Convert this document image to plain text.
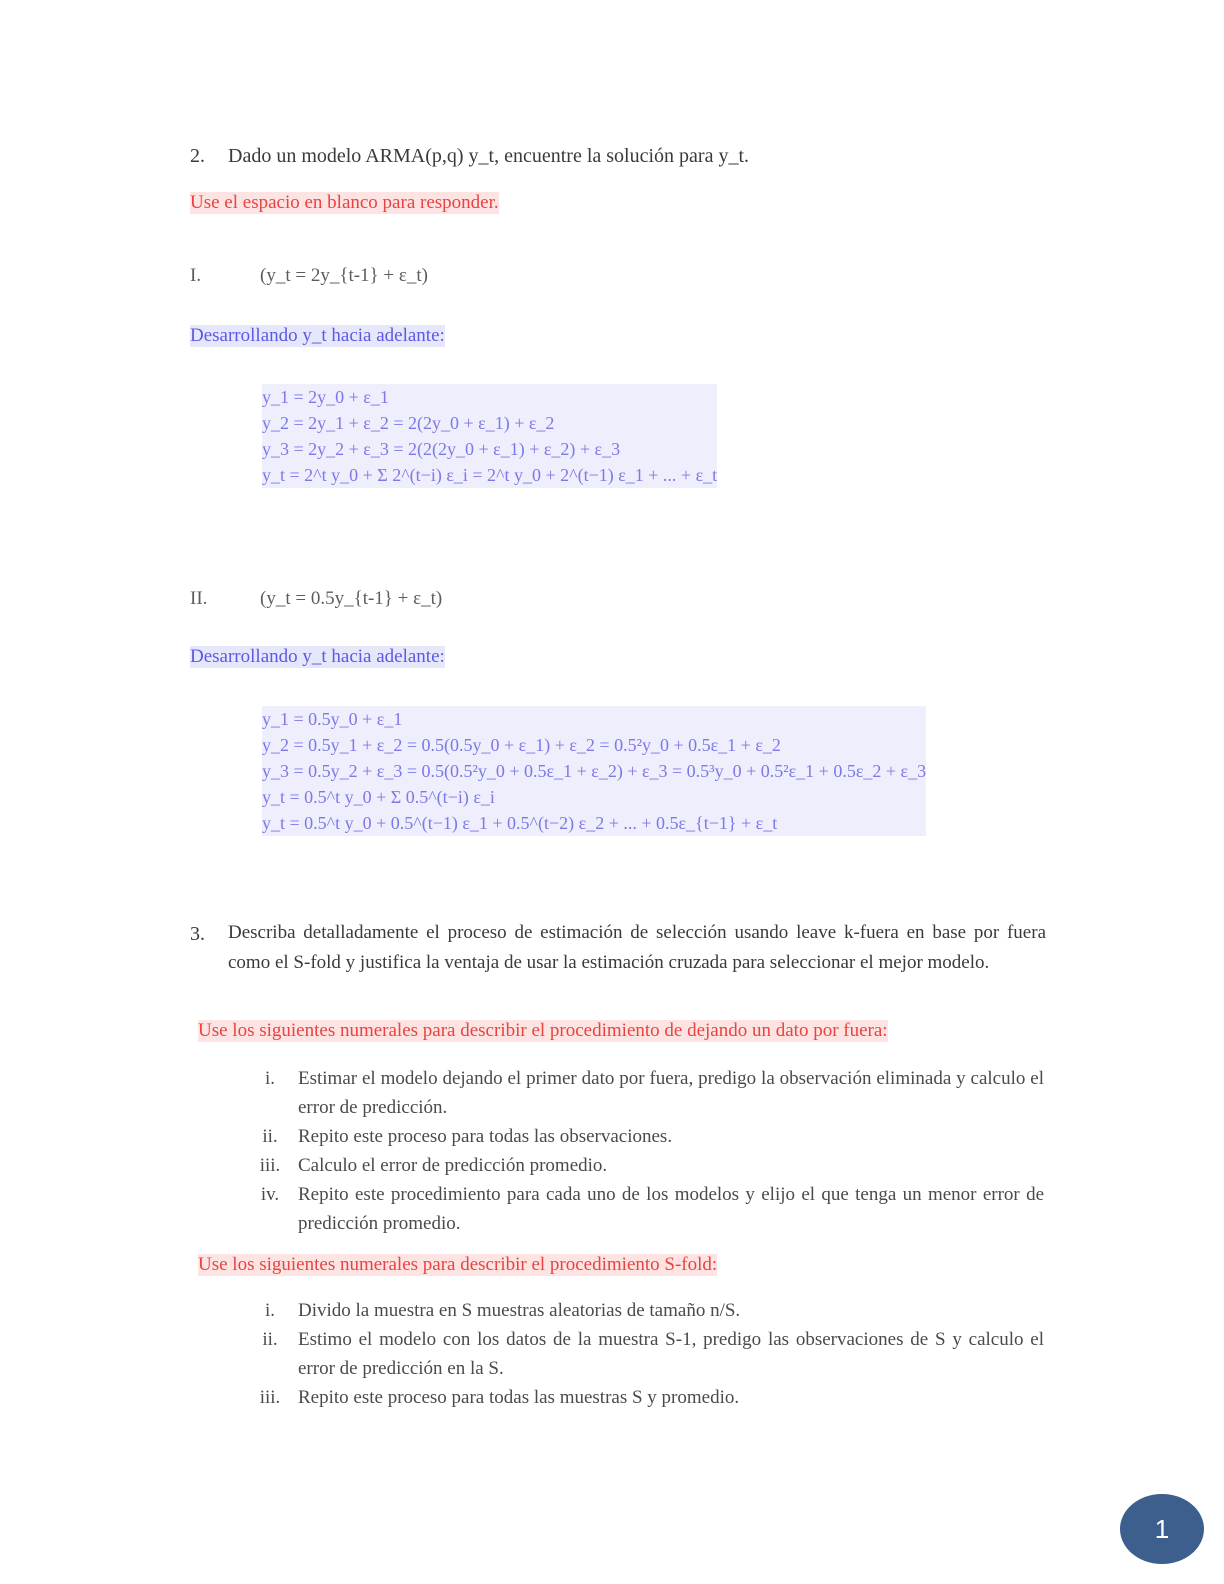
2. Dado un modelo ARMA(p,q) y_t, encuentre la solución para y_t.
Use el espacio en blanco para responder.
I.	(y_t = 2y_{t-1} + ε_t)
Desarrollando y_t hacia adelante:
y_1 = 2y_0 + ε_1
y_2 = 2y_1 + ε_2 = 2(2y_0 + ε_1) + ε_2
y_3 = 2y_2 + ε_3 = 2(2(2y_0 + ε_1) + ε_2) + ε_3
y_t = 2^t y_0 + Σ 2^(t−i) ε_i = 2^t y_0 + 2^(t−1) ε_1 + ... + ε_t
II.	(y_t = 0.5y_{t-1} + ε_t)
Desarrollando y_t hacia adelante:
y_1 = 0.5y_0 + ε_1
y_2 = 0.5y_1 + ε_2 = 0.5(0.5y_0 + ε_1) + ε_2 = 0.5²y_0 + 0.5ε_1 + ε_2
y_3 = 0.5y_2 + ε_3 = 0.5(0.5²y_0 + 0.5ε_1 + ε_2) + ε_3 = 0.5³y_0 + 0.5²ε_1 + 0.5ε_2 + ε_3
y_t = 0.5^t y_0 + Σ 0.5^(t−i) ε_i
y_t = 0.5^t y_0 + 0.5^(t−1) ε_1 + 0.5^(t−2) ε_2 + ... + 0.5ε_{t−1} + ε_t
3. Describa detalladamente el proceso de estimación de selección usando leave k-fuera en base por fuera como el S-fold y justifica la ventaja de usar la estimación cruzada para seleccionar el mejor modelo.
Use los siguientes numerales para describir el procedimiento de dejando un dato por fuera:
i.	Estimar el modelo dejando el primer dato por fuera, predigo la observación eliminada y calculo el error de predicción.
ii.	Repito este proceso para todas las observaciones.
iii. Calculo el error de predicción promedio.
iv. Repito este procedimiento para cada uno de los modelos y elijo el que tenga un menor error de predicción promedio.
Use los siguientes numerales para describir el procedimiento S-fold:
i.	Divido la muestra en S muestras aleatorias de tamaño n/S.
ii.	Estimo el modelo con los datos de la muestra S-1, predigo las observaciones de S y calculo el error de predicción en la S.
iii. Repito este proceso para todas las muestras S y promedio.
1
